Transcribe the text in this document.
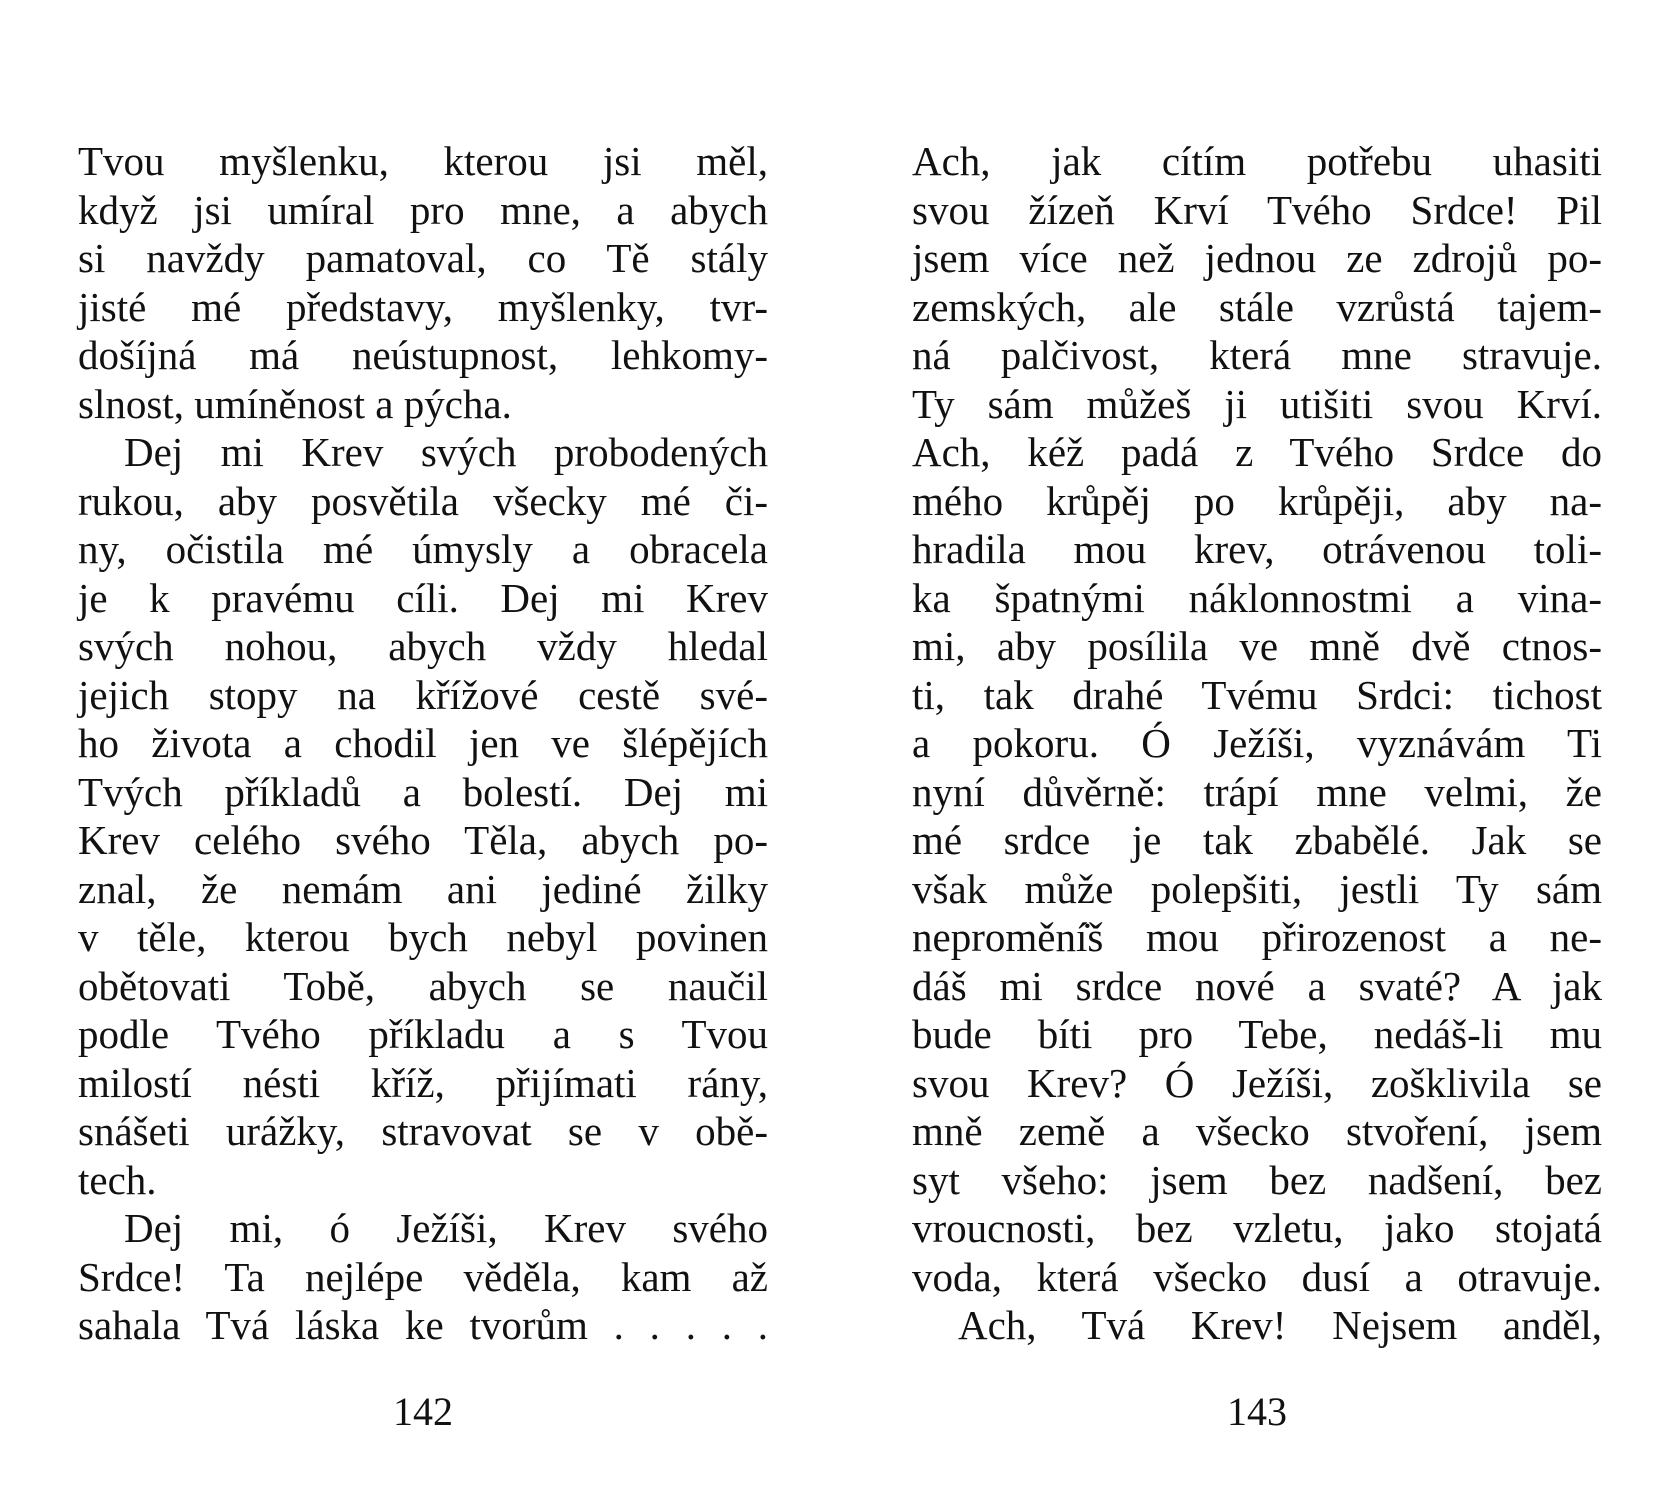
Tvou myšlenku, kterou jsi měl,
když jsi umíral pro mne, a abych
si navždy pamatoval, co Tě stály
jisté mé představy, myšlenky, tvr-
došíjná má neústupnost, lehkomy-
slnost, umíněnost a pýcha.
Dej mi Krev svých probodených
rukou, aby posvětila všecky mé či-
ny, očistila mé úmysly a obracela
je k pravému cíli. Dej mi Krev
svých nohou, abych vždy hledal
jejich stopy na křížové cestě své-
ho života a chodil jen ve šlépějích
Tvých příkladů a bolestí. Dej mi
Krev celého svého Těla, abych po-
znal, že nemám ani jediné žilky
v těle, kterou bych nebyl povinen
obětovati Tobě, abych se naučil
podle Tvého příkladu a s Tvou
milostí nésti kříž, přijímati rány,
snášeti urážky, stravovat se v obě-
tech.
Dej mi, ó Ježíši, Krev svého
Srdce! Ta nejlépe věděla, kam až
sahala Tvá láska ke tvorům . . . . .
142
Ach, jak cítím potřebu uhasiti
svou žízeň Krví Tvého Srdce! Pil
jsem více než jednou ze zdrojů po-
zemských, ale stále vzrůstá tajem-
ná palčivost, která mne stravuje.
Ty sám můžeš ji utišiti svou Krví.
Ach, kéž padá z Tvého Srdce do
mého krůpěj po krůpěji, aby na-
hradila mou krev, otrávenou toli-
ka špatnými náklonnostmi a vina-
mi, aby posílila ve mně dvě ctnos-
ti, tak drahé Tvému Srdci: tichost
a pokoru. Ó Ježíši, vyznávám Ti
nyní důvěrně: trápí mne velmi, že
mé srdce je tak zbabělé. Jak se
však může polepšiti, jestli Ty sám
nepromění̇š mou přirozenost a ne-
dáš mi srdce nové a svaté? A jak
bude bíti pro Tebe, nedáš-li mu
svou Krev? Ó Ježíši, zošklivila se
mně země a všecko stvoření, jsem
syt všeho: jsem bez nadšení, bez
vroucnosti, bez vzletu, jako stojatá
voda, která všecko dusí a otravuje.
Ach, Tvá Krev! Nejsem anděl,
143
